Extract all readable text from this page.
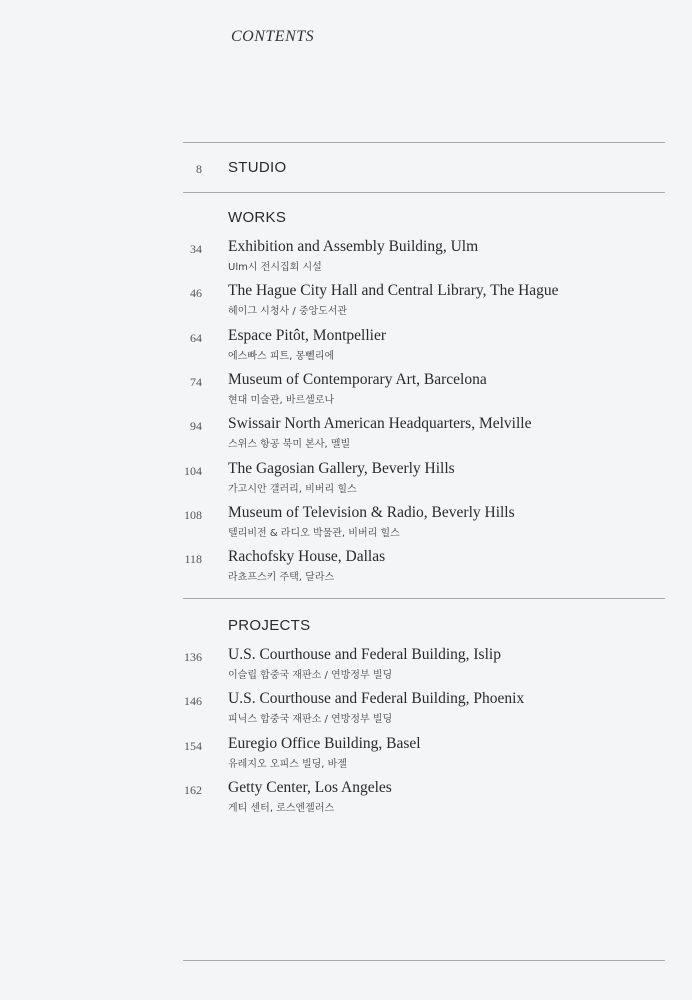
CONTENTS
8 STUDIO
WORKS
34 Exhibition and Assembly Building, Ulm
Ulm시 전시집회 시설
46 The Hague City Hall and Central Library, The Hague
헤이그 시청사 / 중앙도서관
64 Espace Pitôt, Montpellier
에스빠스 피트, 몽뻴리에
74 Museum of Contemporary Art, Barcelona
현대 미술관, 바르셀로나
94 Swissair North American Headquarters, Melville
스위스 항공 북미 본사, 멜빌
104 The Gagosian Gallery, Beverly Hills
가고시안 갤러리, 비버리 힐스
108 Museum of Television & Radio, Beverly Hills
텔리비전 & 라디오 박물관, 비버리 힐스
118 Rachofsky House, Dallas
라쵸프스키 주택, 달라스
PROJECTS
136 U.S. Courthouse and Federal Building, Islip
이슬립 합중국 재판소 / 연방정부 빌딩
146 U.S. Courthouse and Federal Building, Phoenix
피닉스 합중국 재판소 / 연방정부 빌딩
154 Euregio Office Building, Basel
유레지오 오피스 빌딩, 바젤
162 Getty Center, Los Angeles
게티 센터, 로스엔젤러스
